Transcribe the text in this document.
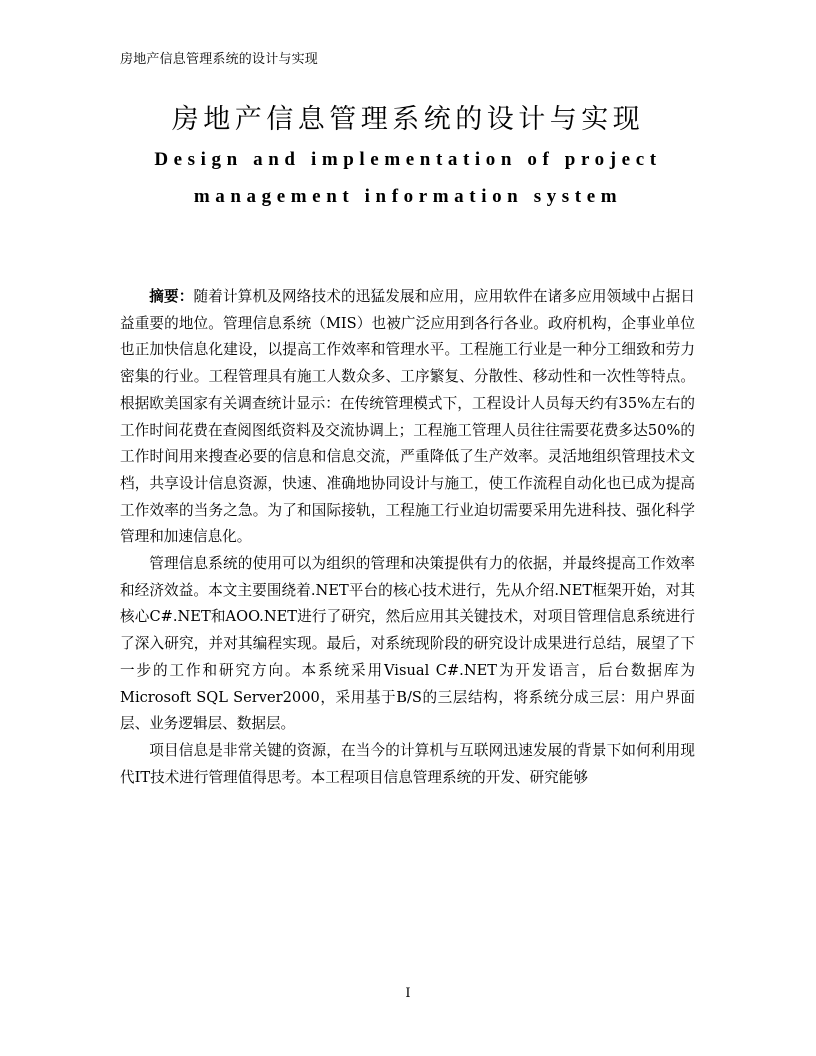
房地产信息管理系统的设计与实现
房地产信息管理系统的设计与实现
Design and implementation of project
management information system

摘要：随着计算机及网络技术的迅猛发展和应用，应用软件在诸多应用领域中占据日益重要的地位。管理信息系统（MIS）也被广泛应用到各行各业。政府机构，企事业单位也正加快信息化建设，以提高工作效率和管理水平。工程施工行业是一种分工细致和劳力密集的行业。工程管理具有施工人数众多、工序繁复、分散性、移动性和一次性等特点。根据欧美国家有关调查统计显示：在传统管理模式下，工程设计人员每天约有35%左右的工作时间花费在查阅图纸资料及交流协调上；工程施工管理人员往往需要花费多达50%的工作时间用来搜查必要的信息和信息交流，严重降低了生产效率。灵活地组织管理技术文档，共享设计信息资源，快速、准确地协同设计与施工，使工作流程自动化也已成为提高工作效率的当务之急。为了和国际接轨，工程施工行业迫切需要采用先进科技、强化科学管理和加速信息化。

管理信息系统的使用可以为组织的管理和决策提供有力的依据，并最终提高工作效率和经济效益。本文主要围绕着.NET平台的核心技术进行，先从介绍.NET框架开始，对其核心C#.NET和AOO.NET进行了研究，然后应用其关键技术，对项目管理信息系统进行了深入研究，并对其编程实现。最后，对系统现阶段的研究设计成果进行总结，展望了下一步的工作和研究方向。本系统采用Visual C#.NET为开发语言，后台数据库为Microsoft SQL Server2000，采用基于B/S的三层结构，将系统分成三层：用户界面层、业务逻辑层、数据层。

项目信息是非常关键的资源，在当今的计算机与互联网迅速发展的背景下如何利用现代IT技术进行管理值得思考。本工程项目信息管理系统的开发、研究能够

I
